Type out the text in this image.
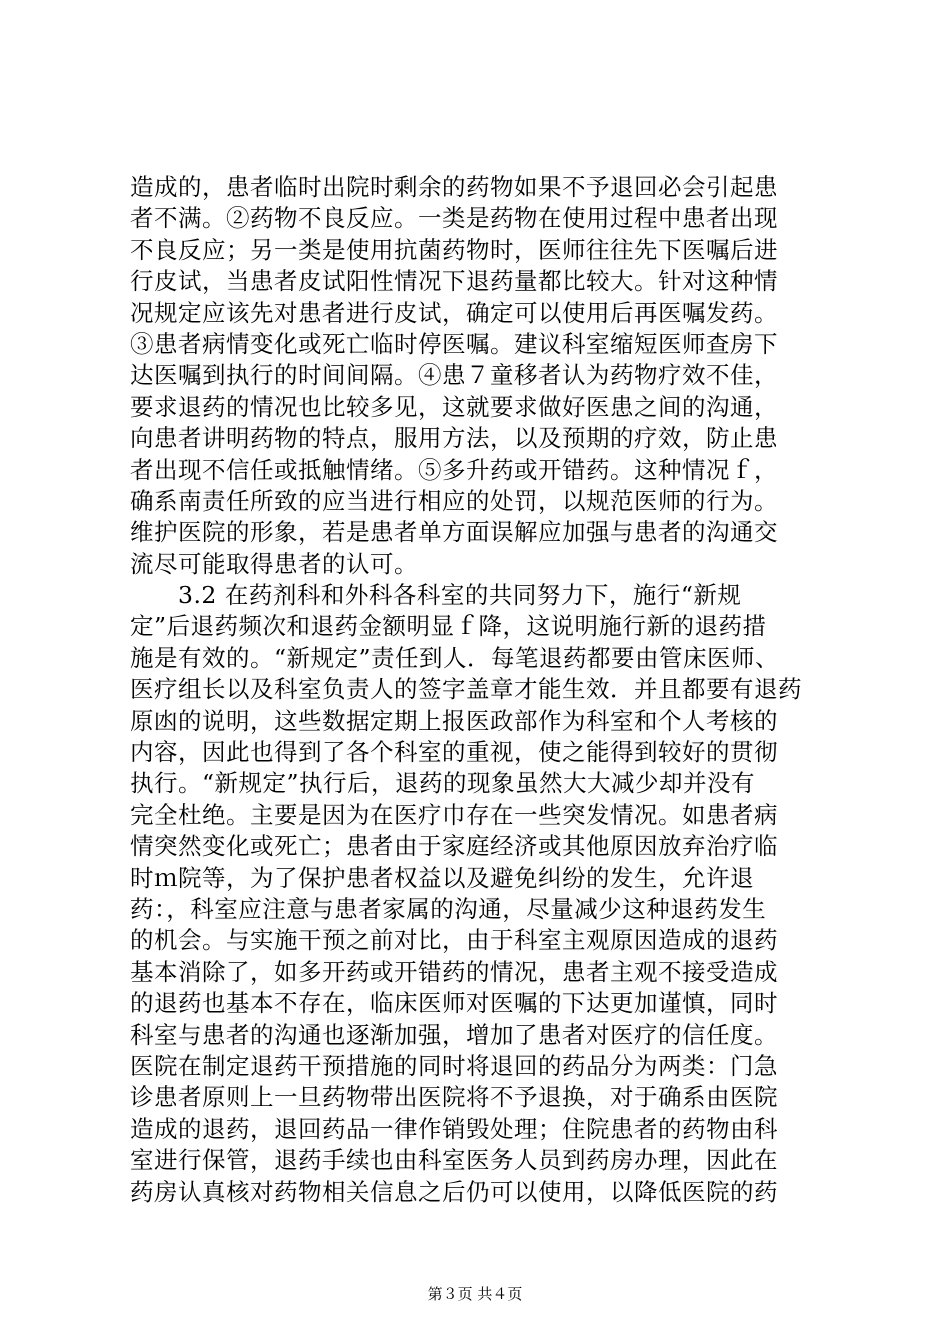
造成的，患者临时出院时剩余的药物如果不予退回必会引起患
者不满。②药物不良反应。一类是药物在使用过程中患者出现
不良反应；另一类是使用抗菌药物时，医师往往先下医嘱后进
行皮试，当患者皮试阳性情况下退药量都比较大。针对这种情
况规定应该先对患者进行皮试，确定可以使用后再医嘱发药。
③患者病情变化或死亡临时停医嘱。建议科室缩短医师查房下
达医嘱到执行的时间间隔。④患７童移者认为药物疗效不佳，
要求退药的情况也比较多见，这就要求做好医患之间的沟通，
向患者讲明药物的特点，服用方法，以及预期的疗效，防止患
者出现不信任或抵触情绪。⑤多升药或开错药。这种情况ｆ，
确系南责任所致的应当进行相应的处罚，以规范医师的行为。
维护医院的形象，若是患者单方面误解应加强与患者的沟通交
流尽可能取得患者的认可。
3.2 在药剂科和外科各科室的共同努力下，施行“新规
定”后退药频次和退药金额明显ｆ降，这说明施行新的退药措
施是有效的。“新规定”责任到人．每笔退药都要由管床医师、
医疗组长以及科室负责人的签字盖章才能生效．并且都要有退药
原凼的说明，这些数据定期上报医政部作为科室和个人考核的
内容，因此也得到了各个科室的重视，使之能得到较好的贯彻
执行。“新规定”执行后，退药的现象虽然大大减少却并没有
完全杜绝。主要是因为在医疗巾存在一些突发情况。如患者病
情突然变化或死亡；患者由于家庭经济或其他原因放弃治疗临
时ｍ院等，为了保护患者权益以及避免纠纷的发生，允许退
药：，科室应注意与患者家属的沟通，尽量减少这种退药发生
的机会。与实施干预之前对比，由于科室主观原因造成的退药
基本消除了，如多开药或开错药的情况，患者主观不接受造成
的退药也基本不存在，临床医师对医嘱的下达更加谨慎，同时
科室与患者的沟通也逐渐加强，增加了患者对医疗的信任度。
医院在制定退药干预措施的同时将退回的药品分为两类：门急
诊患者原则上一旦药物带出医院将不予退换，对于确系由医院
造成的退药，退回药品一律作销毁处理；住院患者的药物由科
室进行保管，退药手续也由科室医务人员到药房办理，因此在
药房认真核对药物相关信息之后仍可以使用，以降低医院的药
第３页 共４页
